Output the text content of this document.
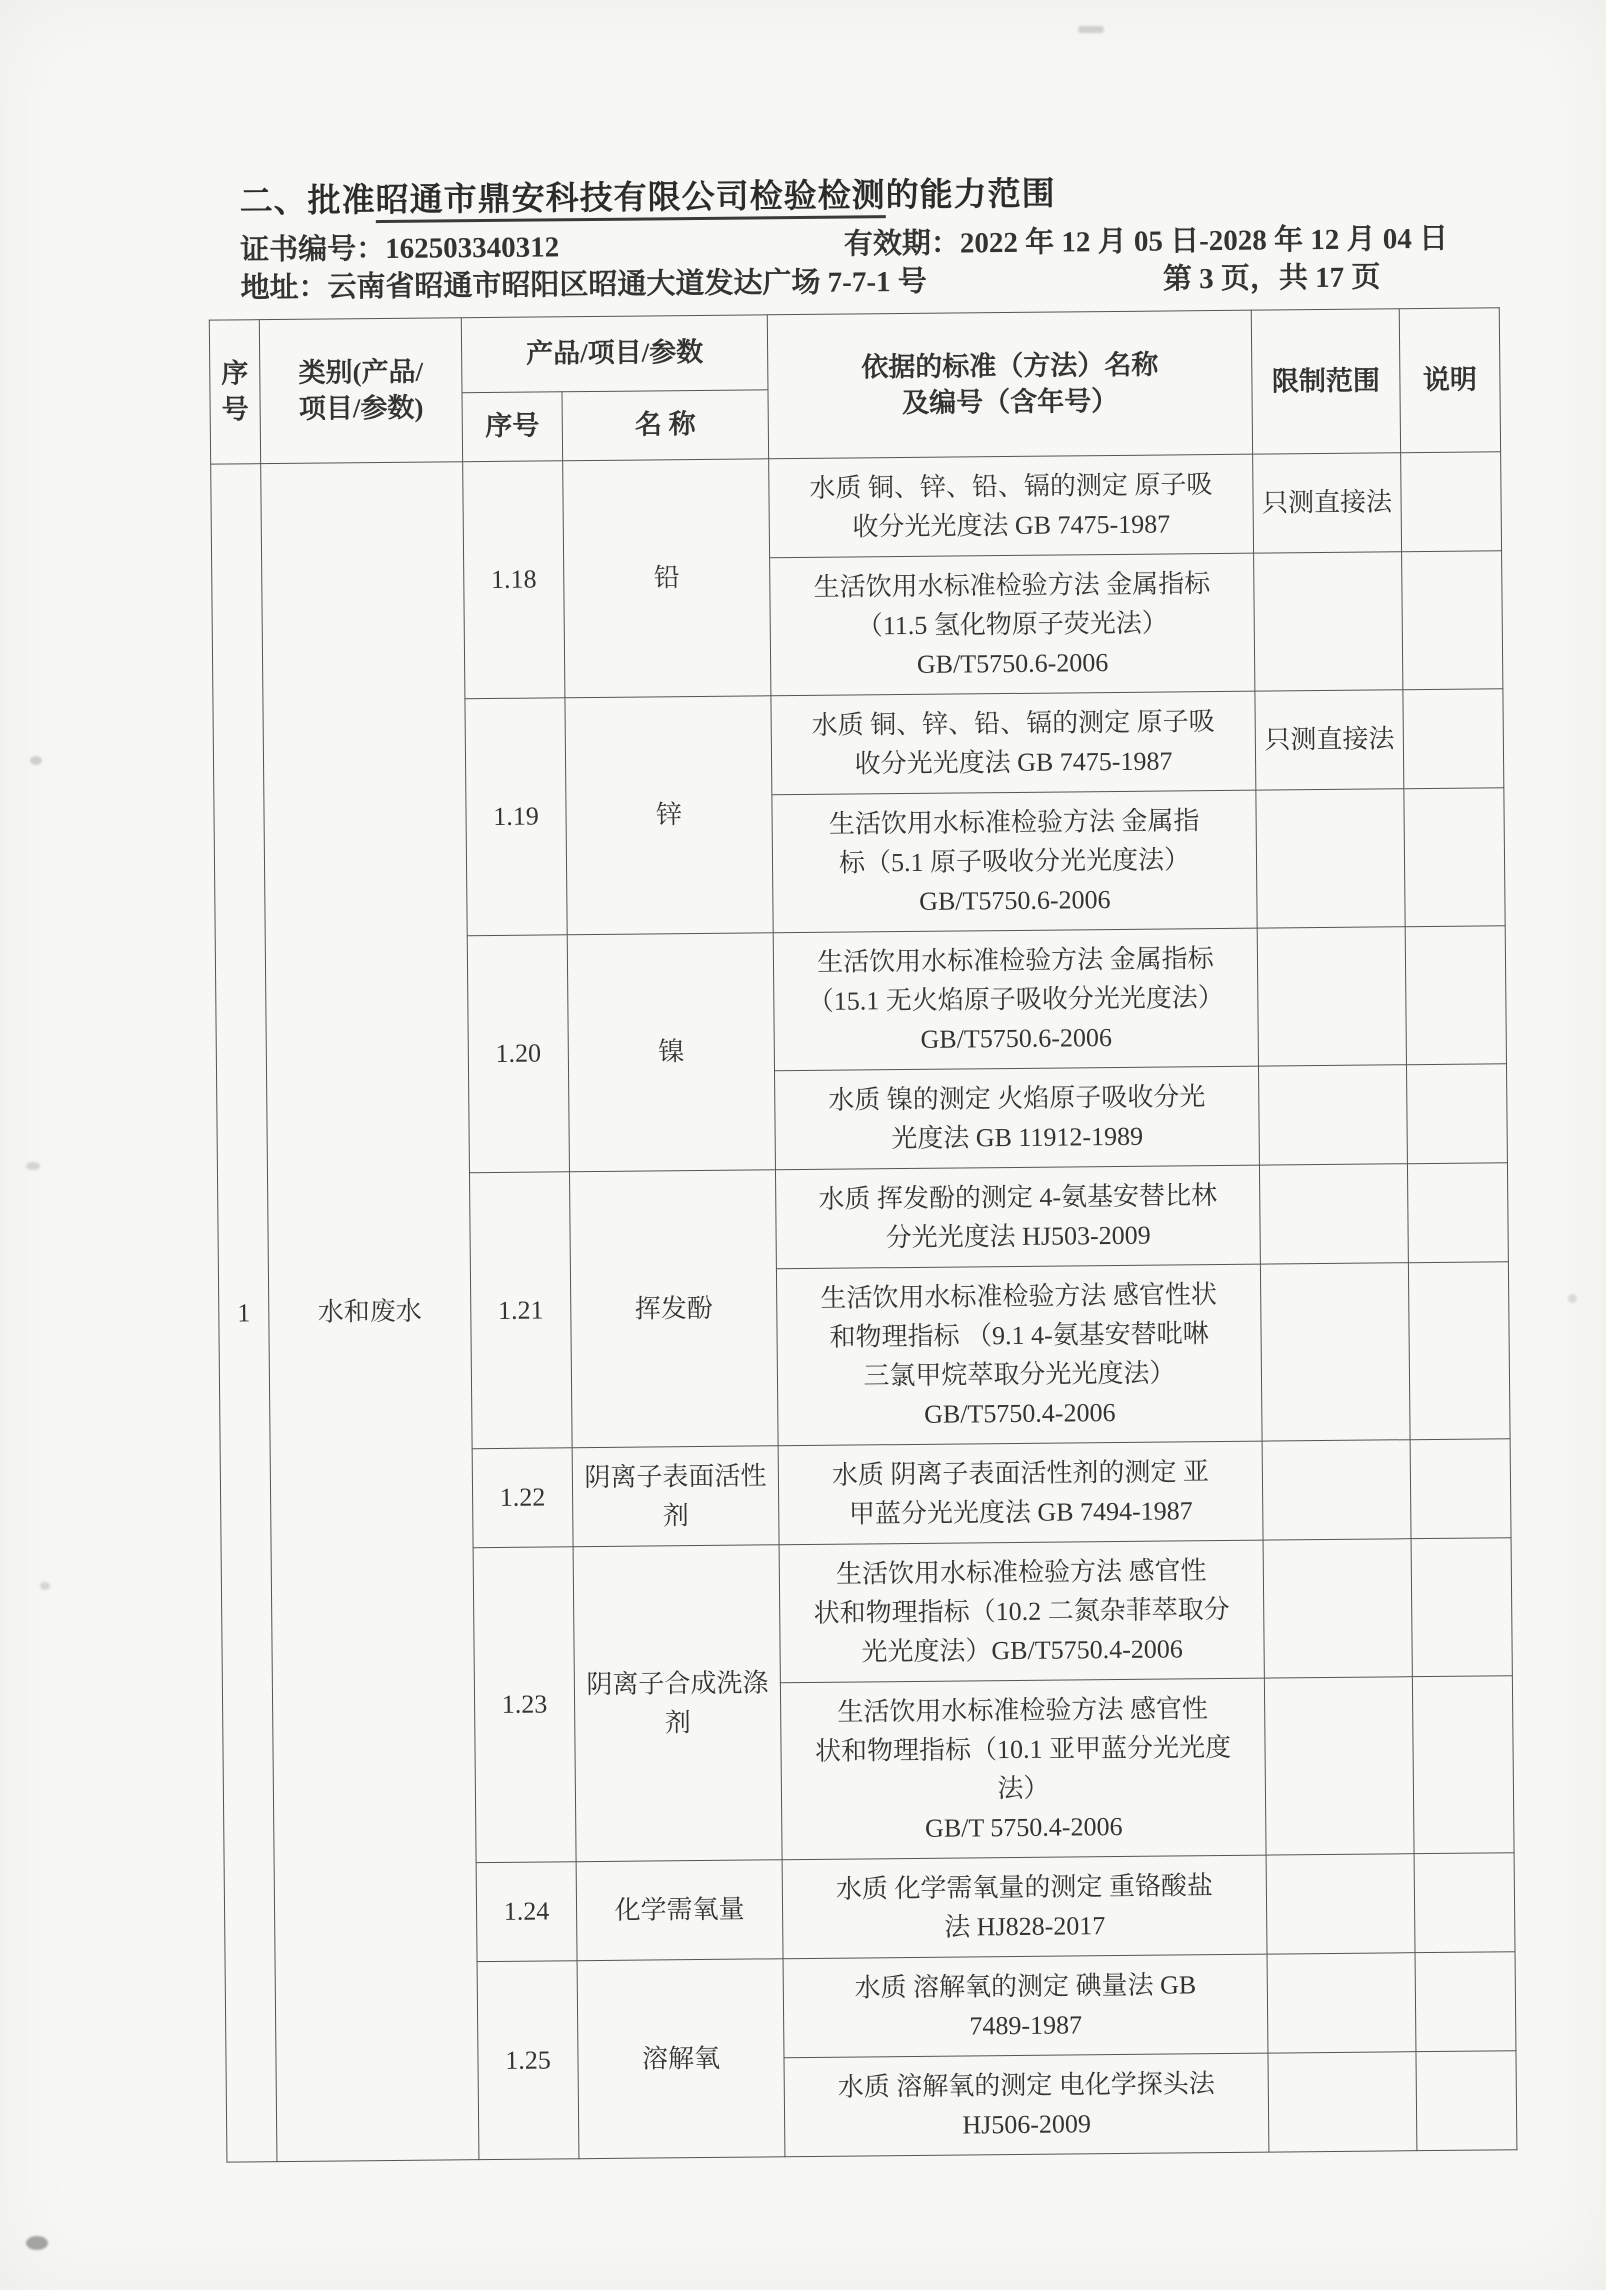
二、批准昭通市鼎安科技有限公司检验检测的能力范围
证书编号：162503340312	有效期：2022 年 12 月 05 日-2028 年 12 月 04 日
地址：云南省昭通市昭阳区昭通大道发达广场 7-7-1 号	第 3 页，共 17 页
序号	类别(产品/
项目/参数)	产品/项目/参数		依据的标准（方法）名称
及编号（含年号）	限制范围	说明
		序号	名 称			
1	水和废水	1.18	铅	水质 铜、锌、铅、镉的测定 原子吸
收分光光度法 GB 7475-1987	只测直接法	
				生活饮用水标准检验方法 金属指标
（11.5 氢化物原子荧光法）
GB/T5750.6-2006		
		1.19	锌	水质 铜、锌、铅、镉的测定 原子吸
收分光光度法 GB 7475-1987	只测直接法	
				生活饮用水标准检验方法 金属指
标（5.1 原子吸收分光光度法）
GB/T5750.6-2006		
		1.20	镍	生活饮用水标准检验方法 金属指标
（15.1 无火焰原子吸收分光光度法）
GB/T5750.6-2006		
				水质 镍的测定 火焰原子吸收分光
光度法 GB 11912-1989		
		1.21	挥发酚	水质 挥发酚的测定 4-氨基安替比林
分光光度法 HJ503-2009		
				生活饮用水标准检验方法 感官性状
和物理指标 （9.1 4-氨基安替吡啉
三氯甲烷萃取分光光度法）
GB/T5750.4-2006		
		1.22	阴离子表面活性剂	水质 阴离子表面活性剂的测定 亚
甲蓝分光光度法 GB 7494-1987		
		1.23	阴离子合成洗涤剂	生活饮用水标准检验方法 感官性
状和物理指标（10.2 二氮杂菲萃取分
光光度法）GB/T5750.4-2006		
				生活饮用水标准检验方法 感官性
状和物理指标（10.1 亚甲蓝分光光度
法）
GB/T 5750.4-2006		
		1.24	化学需氧量	水质 化学需氧量的测定 重铬酸盐
法 HJ828-2017		
		1.25	溶解氧	水质 溶解氧的测定 碘量法 GB
7489-1987		
				水质 溶解氧的测定 电化学探头法
HJ506-2009		
